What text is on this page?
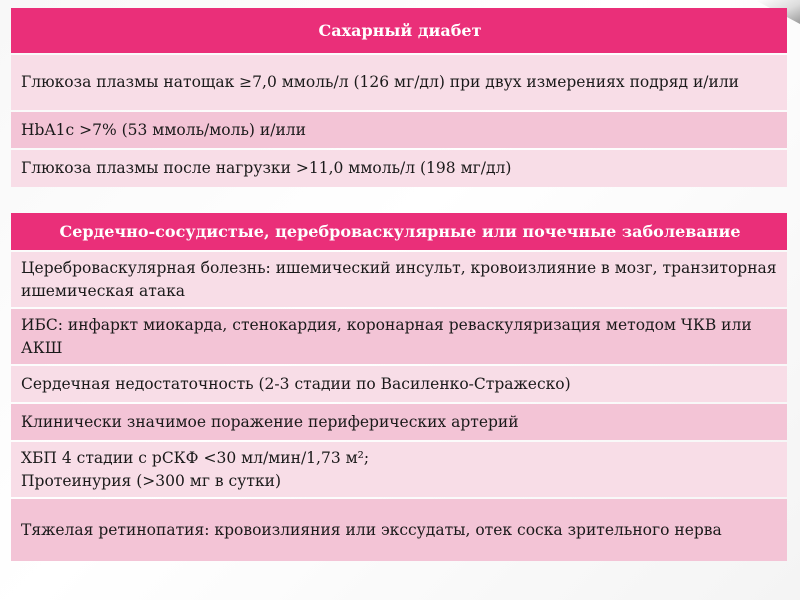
Сахарный диабет
Глюкоза плазмы натощак ≥7,0 ммоль/л (126 мг/дл) при двух измерениях подряд и/или
HbA1c >7% (53 ммоль/моль) и/или
Глюкоза плазмы после нагрузки >11,0 ммоль/л (198 мг/дл)
Сердечно-сосудистые, цереброваскулярные или почечные заболевание
Цереброваскулярная болезнь: ишемический инсульт, кровоизлияние в мозг, транзиторная ишемическая атака
ИБС: инфаркт миокарда, стенокардия, коронарная реваскуляризация методом ЧКВ или АКШ
Сердечная недостаточность (2-3 стадии по Василенко-Стражеско)
Клинически значимое поражение периферических артерий
ХБП 4 стадии с рСКФ <30 мл/мин/1,73 м²;
Протеинурия (>300 мг в сутки)
Тяжелая ретинопатия: кровоизлияния или экссудаты, отек соска зрительного нерва
